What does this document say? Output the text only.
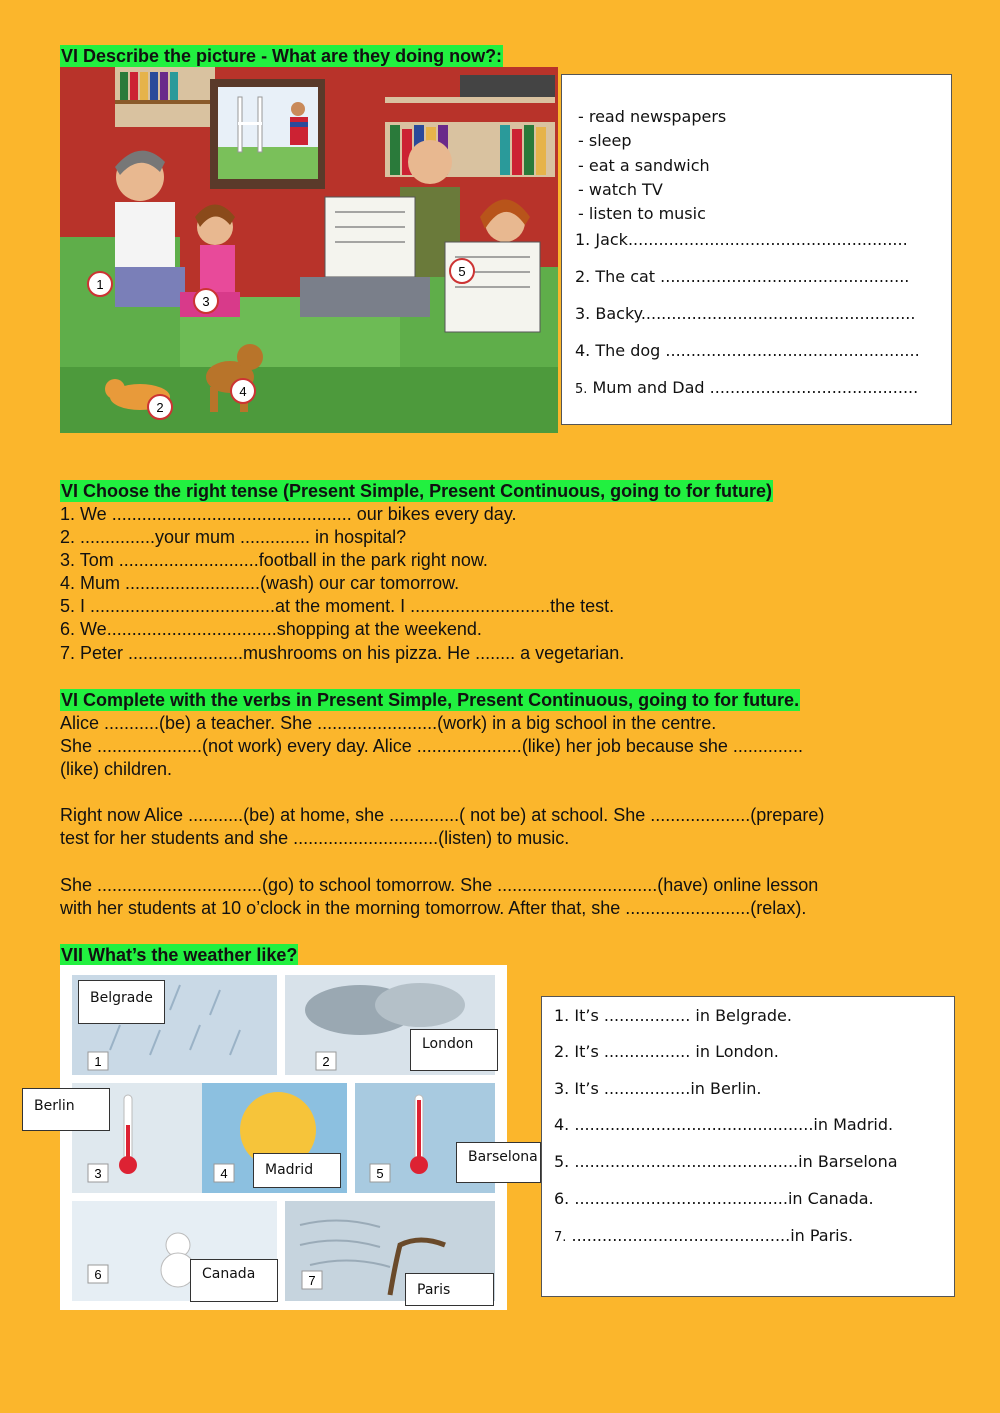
VI Describe the picture - What are they doing now?:
1
2
3
4
5
- read newspapers
- sleep
- eat a sandwich
- watch TV
- listen to music
1. Jack.......................................................
2. The cat .................................................
3. Backy......................................................
4. The dog ..................................................
5. Mum and Dad .........................................
VI Choose the right tense (Present Simple, Present Continuous, going to for future)
1. We ................................................ our bikes every day.
2. ...............your mum .............. in hospital?
3. Tom ............................football in the park right now.
4. Mum ...........................(wash) our car tomorrow.
5. I .....................................at the moment. I ............................the test.
6. We..................................shopping at the weekend.
7. Peter .......................mushrooms on his pizza. He ........ a vegetarian.
VI Complete with the verbs in Present Simple, Present Continuous, going to for future.
Alice ...........(be) a teacher. She ........................(work) in a big school in the centre.
She .....................(not work) every day. Alice .....................(like) her job because she ..............
(like) children.
Right now Alice ...........(be) at home, she ..............( not be) at school. She ....................(prepare)
test for her students and she .............................(listen) to music.
She .................................(go) to school tomorrow. She ................................(have) online lesson
with her students at 10 o’clock in the morning tomorrow. After that, she .........................(relax).
VII What’s the weather like?
1	2
3	4	5
6	7
Belgrade
London
Berlin
Madrid
Barselona
Canada
Paris
1. It’s ................. in Belgrade.
2. It’s ................. in London.
3. It’s .................in Berlin.
4. ...............................................in Madrid.
5. ............................................in Barselona
6. ..........................................in Canada.
7. ...........................................in Paris.
